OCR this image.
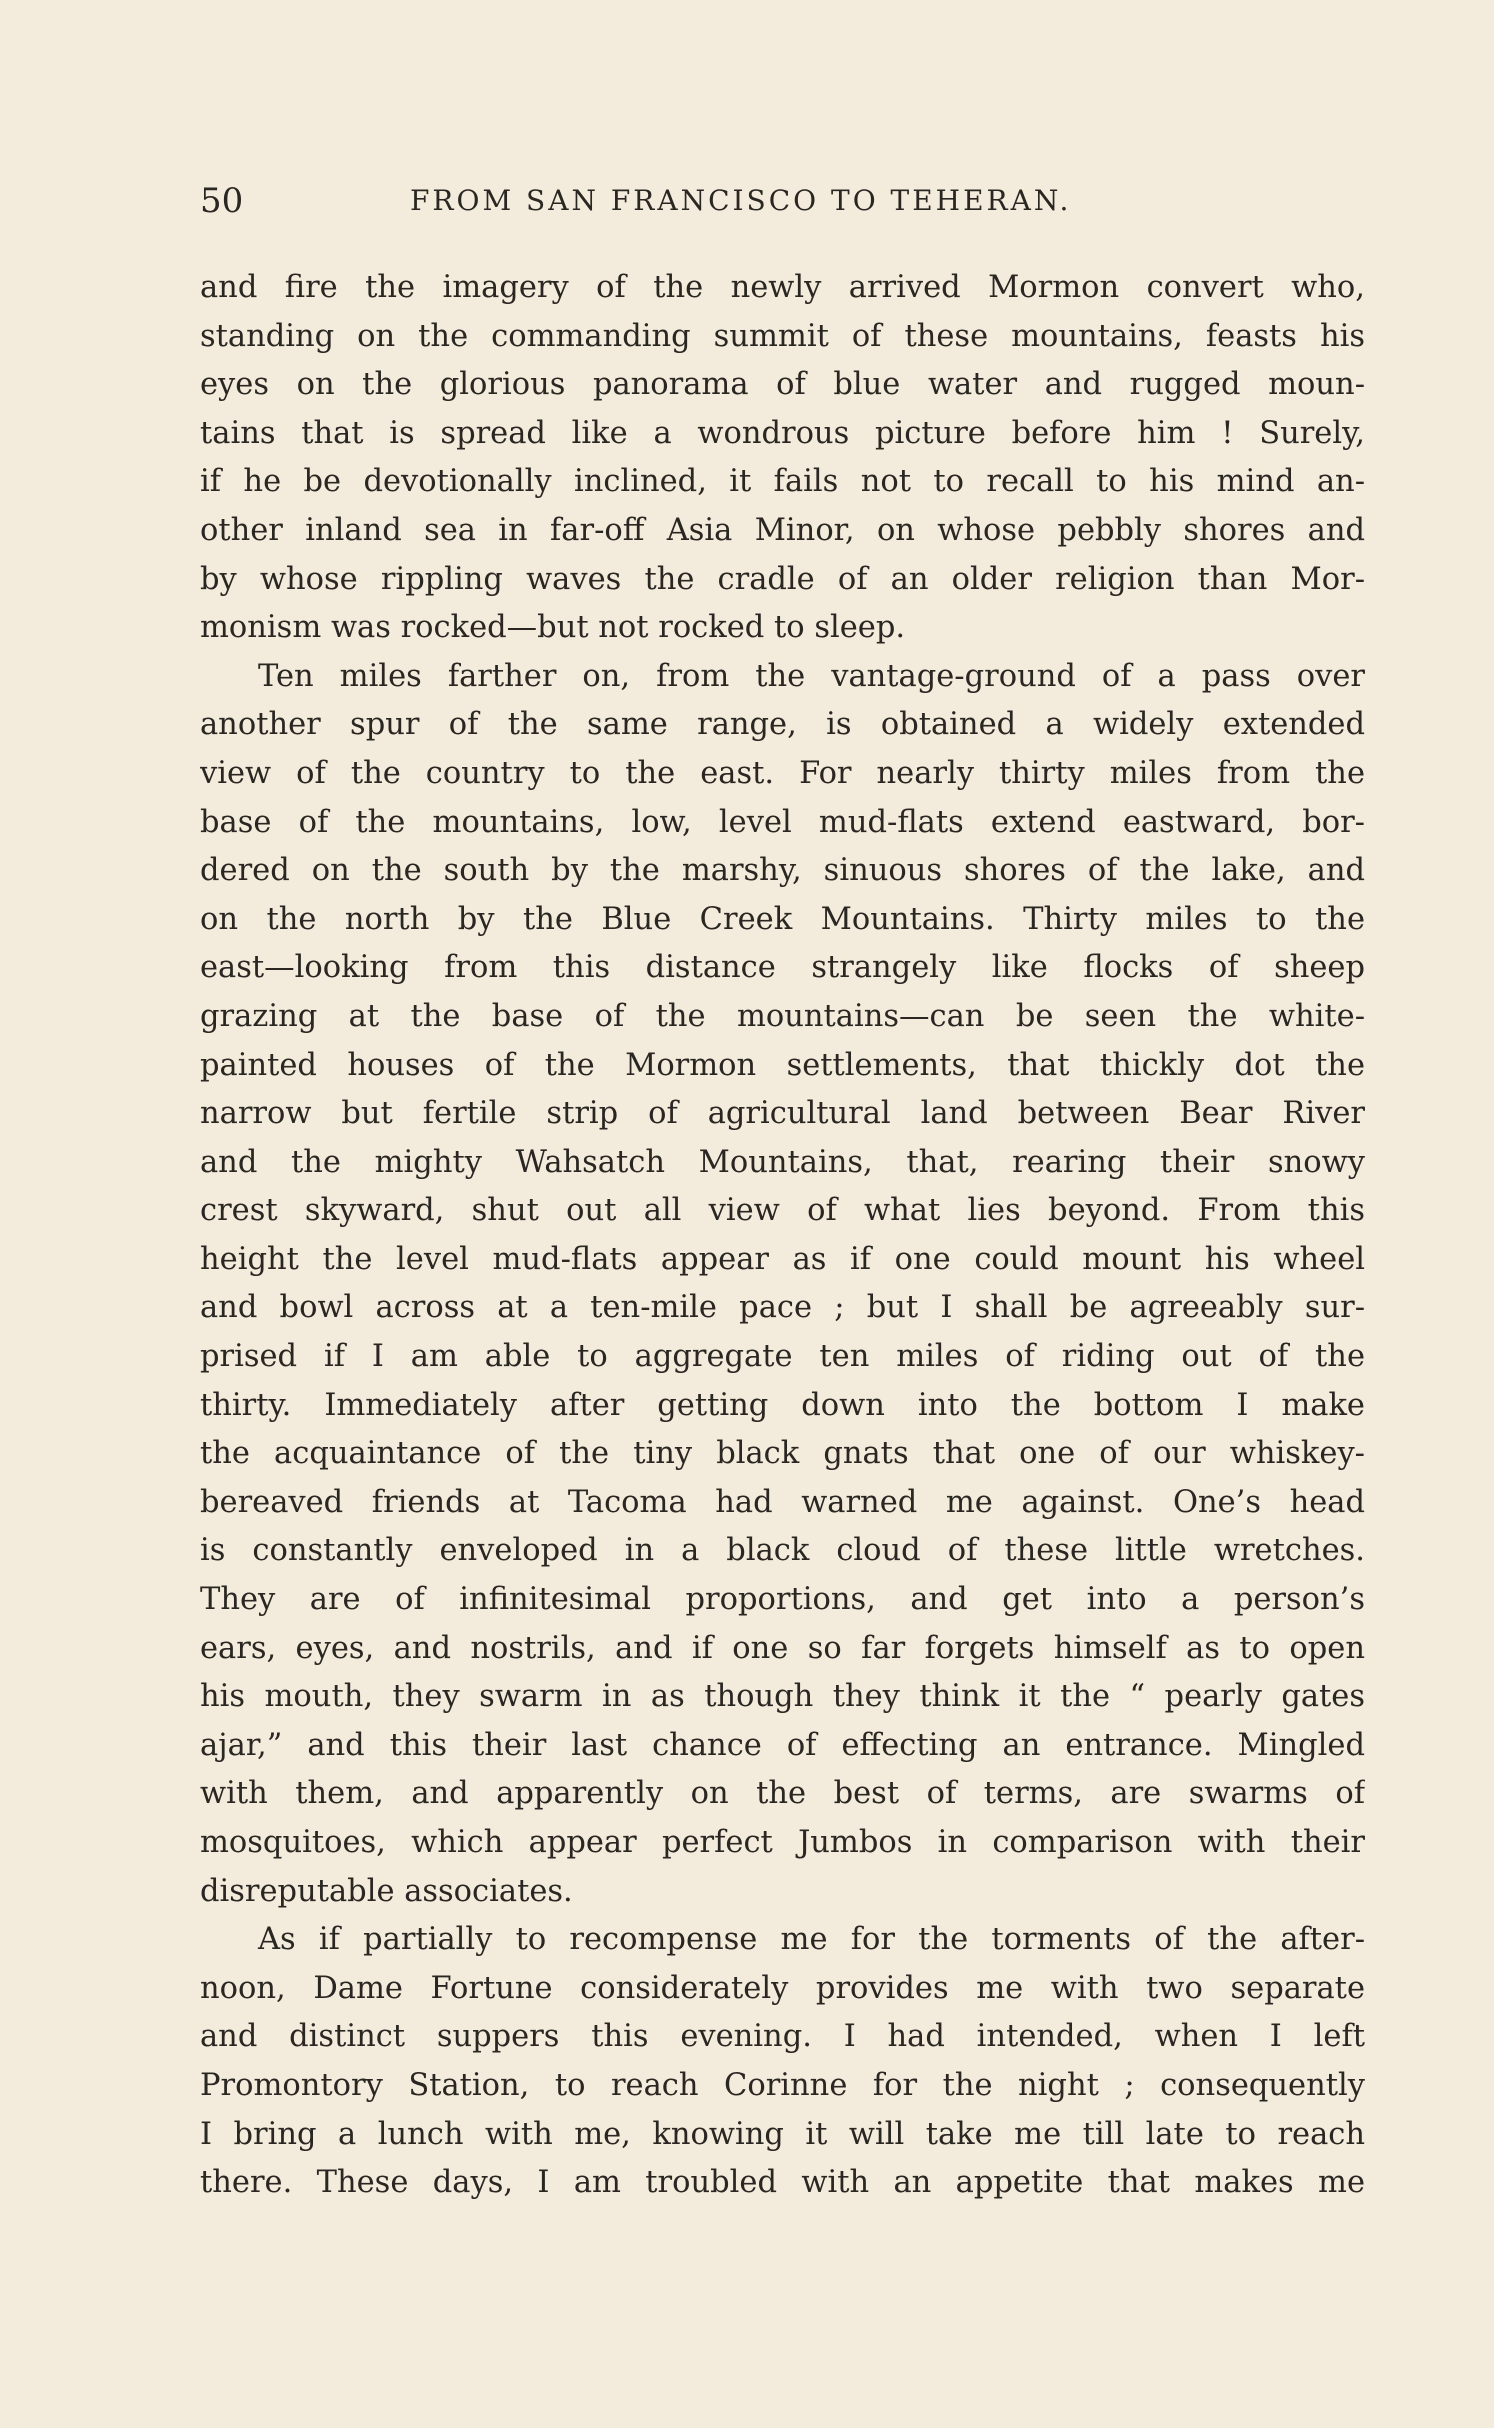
50	FROM SAN FRANCISCO TO TEHERAN.
and fire the imagery of the newly arrived Mormon convert who,
standing on the commanding summit of these mountains, feasts his
eyes on the glorious panorama of blue water and rugged moun-
tains that is spread like a wondrous picture before him ! Surely,
if he be devotionally inclined, it fails not to recall to his mind an-
other inland sea in far-off Asia Minor, on whose pebbly shores and
by whose rippling waves the cradle of an older religion than Mor-
monism was rocked—but not rocked to sleep.
Ten miles farther on, from the vantage-ground of a pass over
another spur of the same range, is obtained a widely extended
view of the country to the east. For nearly thirty miles from the
base of the mountains, low, level mud-flats extend eastward, bor-
dered on the south by the marshy, sinuous shores of the lake, and
on the north by the Blue Creek Mountains. Thirty miles to the
east—looking from this distance strangely like flocks of sheep
grazing at the base of the mountains—can be seen the white-
painted houses of the Mormon settlements, that thickly dot the
narrow but fertile strip of agricultural land between Bear River
and the mighty Wahsatch Mountains, that, rearing their snowy
crest skyward, shut out all view of what lies beyond. From this
height the level mud-flats appear as if one could mount his wheel
and bowl across at a ten-mile pace ; but I shall be agreeably sur-
prised if I am able to aggregate ten miles of riding out of the
thirty. Immediately after getting down into the bottom I make
the acquaintance of the tiny black gnats that one of our whiskey-
bereaved friends at Tacoma had warned me against. One’s head
is constantly enveloped in a black cloud of these little wretches.
They are of infinitesimal proportions, and get into a person’s
ears, eyes, and nostrils, and if one so far forgets himself as to open
his mouth, they swarm in as though they think it the “ pearly gates
ajar,” and this their last chance of effecting an entrance. Mingled
with them, and apparently on the best of terms, are swarms of
mosquitoes, which appear perfect Jumbos in comparison with their
disreputable associates.
As if partially to recompense me for the torments of the after-
noon, Dame Fortune considerately provides me with two separate
and distinct suppers this evening. I had intended, when I left
Promontory Station, to reach Corinne for the night ; consequently
I bring a lunch with me, knowing it will take me till late to reach
there. These days, I am troubled with an appetite that makes me
